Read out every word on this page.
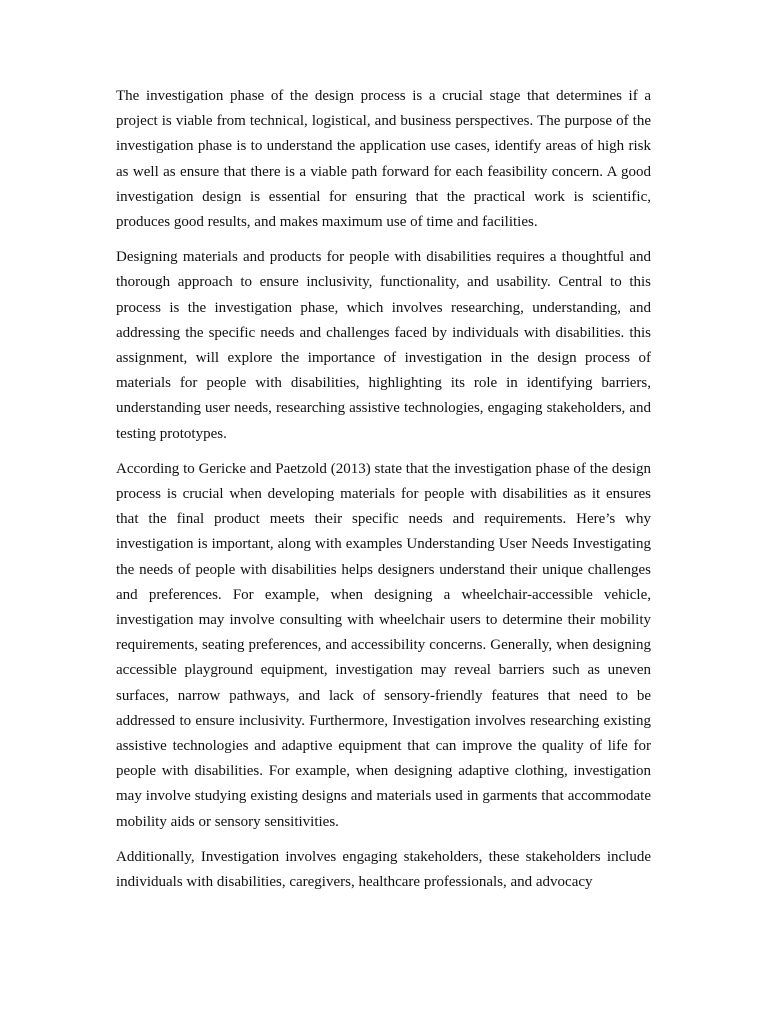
The investigation phase of the design process is a crucial stage that determines if a project is viable from technical, logistical, and business perspectives. The purpose of the investigation phase is to understand the application use cases, identify areas of high risk as well as ensure that there is a viable path forward for each feasibility concern. A good investigation design is essential for ensuring that the practical work is scientific, produces good results, and makes maximum use of time and facilities.

Designing materials and products for people with disabilities requires a thoughtful and thorough approach to ensure inclusivity, functionality, and usability. Central to this process is the investigation phase, which involves researching, understanding, and addressing the specific needs and challenges faced by individuals with disabilities. this assignment, will explore the importance of investigation in the design process of materials for people with disabilities, highlighting its role in identifying barriers, understanding user needs, researching assistive technologies, engaging stakeholders, and testing prototypes.

According to Gericke and Paetzold (2013) state that the investigation phase of the design process is crucial when developing materials for people with disabilities as it ensures that the final product meets their specific needs and requirements. Here’s why investigation is important, along with examples Understanding User Needs Investigating the needs of people with disabilities helps designers understand their unique challenges and preferences. For example, when designing a wheelchair-accessible vehicle, investigation may involve consulting with wheelchair users to determine their mobility requirements, seating preferences, and accessibility concerns. Generally, when designing accessible playground equipment, investigation may reveal barriers such as uneven surfaces, narrow pathways, and lack of sensory-friendly features that need to be addressed to ensure inclusivity. Furthermore, Investigation involves researching existing assistive technologies and adaptive equipment that can improve the quality of life for people with disabilities. For example, when designing adaptive clothing, investigation may involve studying existing designs and materials used in garments that accommodate mobility aids or sensory sensitivities.

Additionally, Investigation involves engaging stakeholders, these stakeholders include individuals with disabilities, caregivers, healthcare professionals, and advocacy
